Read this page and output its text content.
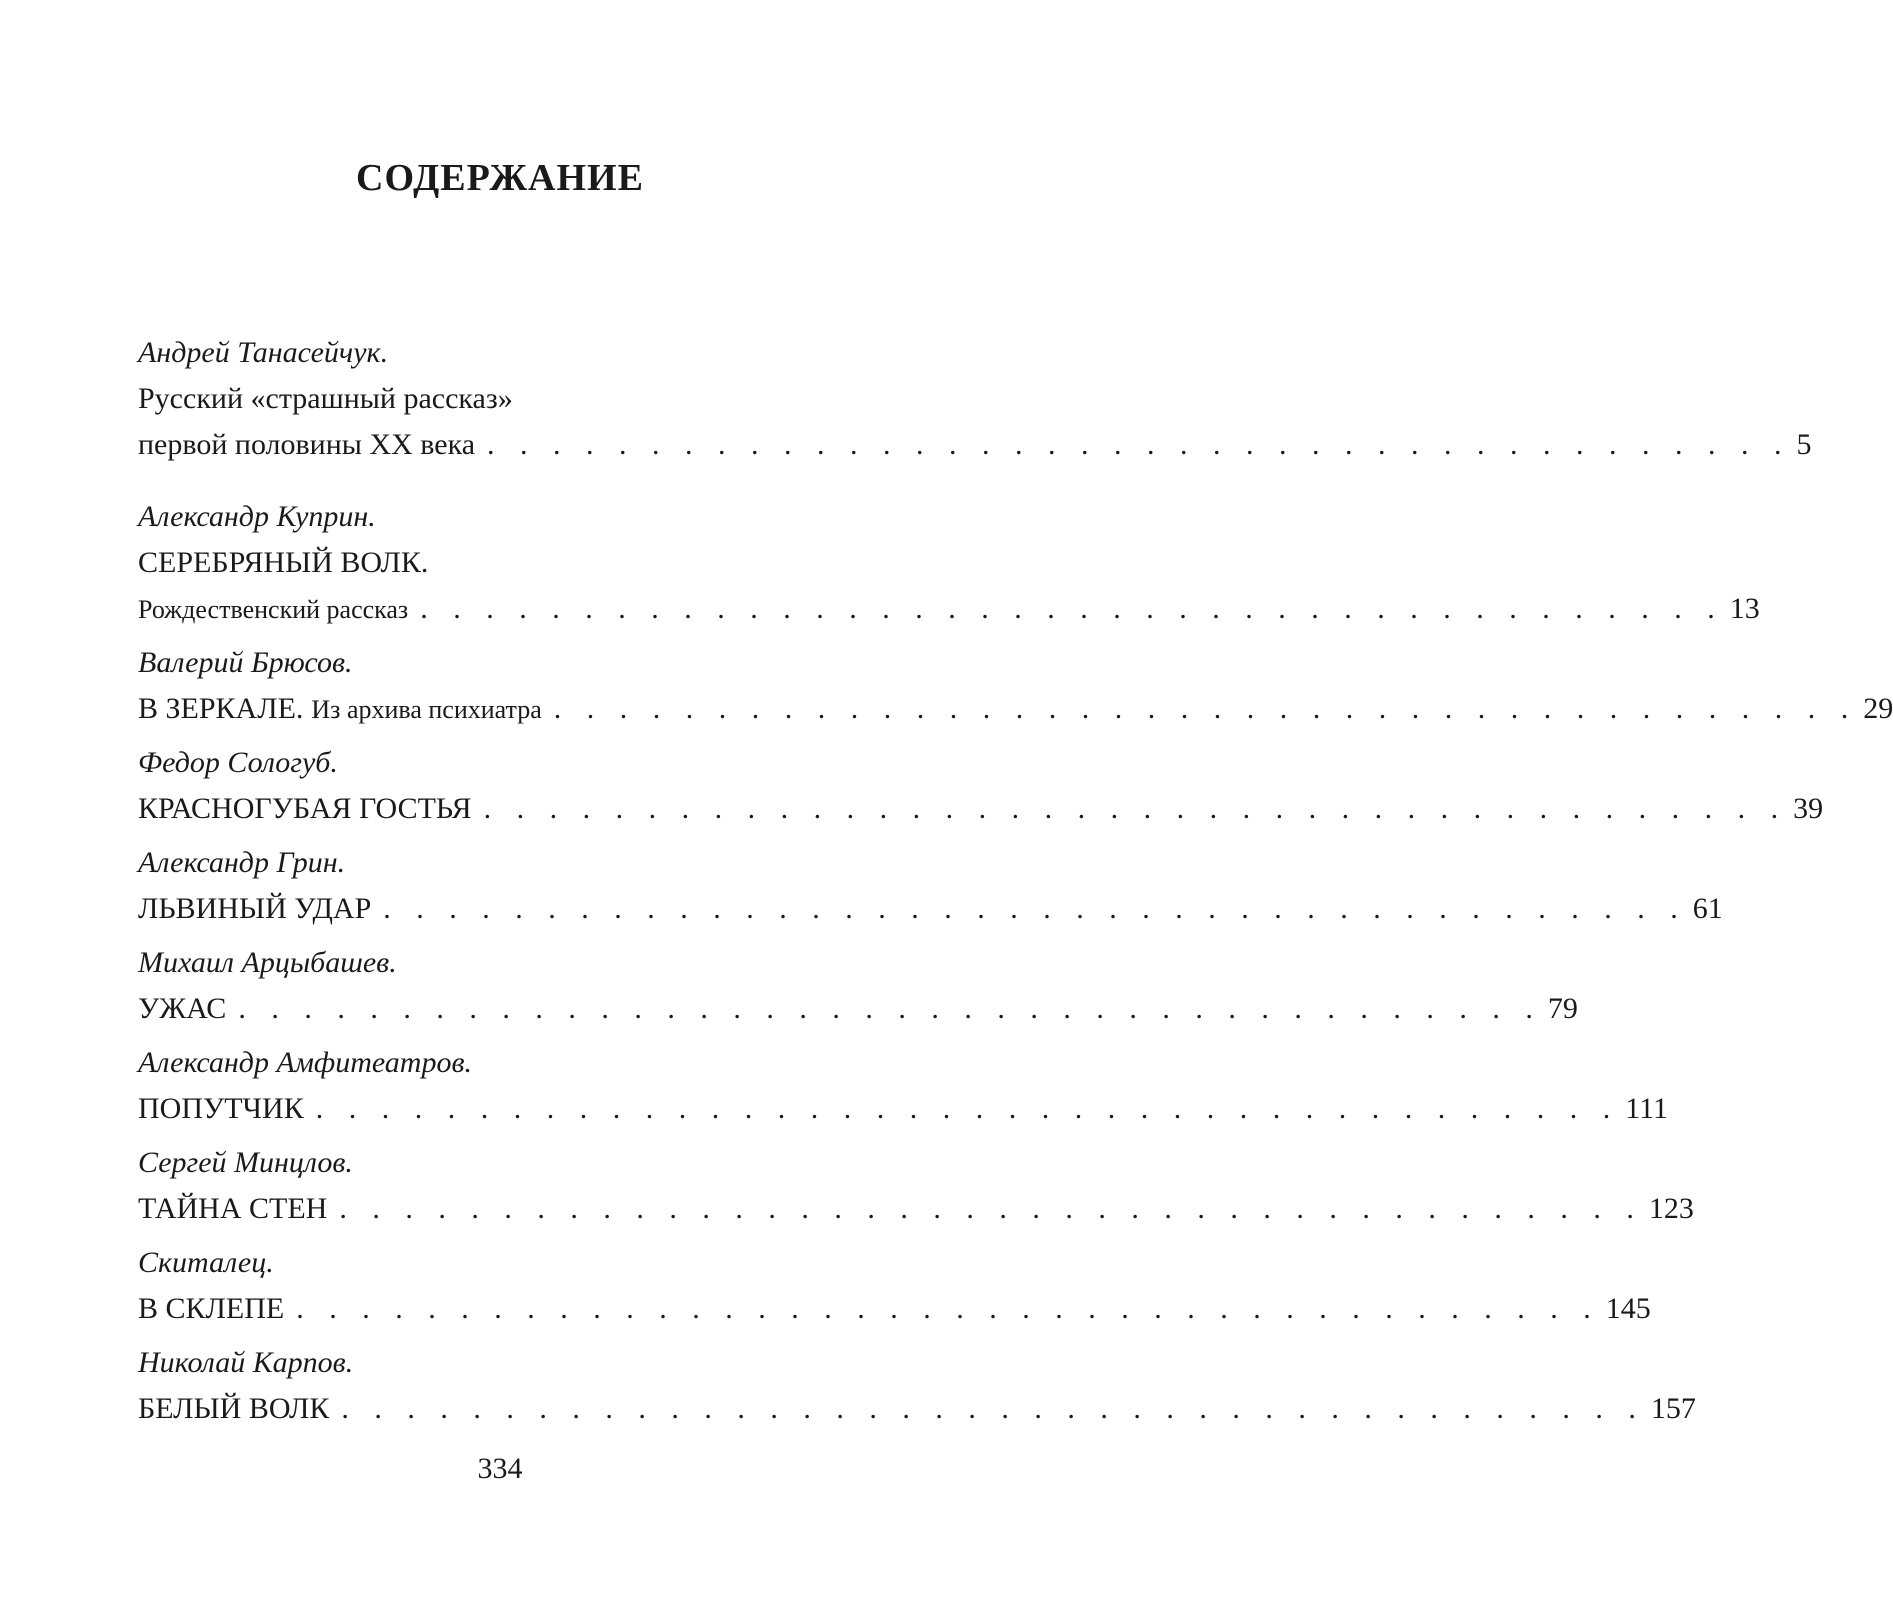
СОДЕРЖАНИЕ
Андрей Танасейчук.
Русский «страшный рассказ»
первой половины XX века . . . . . . . . . . . . . . . . . . . . . . . . . . . . . . . . . . . . . . . . 5
Александр Куприн.
СЕРЕБРЯНЫЙ ВОЛК.
Рождественский рассказ . . . . . . . . . . . . . . . . . . . . . . . . . . . . . . . . . . . . . . . . 13
Валерий Брюсов.
В ЗЕРКАЛЕ. Из архива психиатра . . . . . . . . . . . . . . . . . . . . . . . . . . . . . . . . . . . . . . . . 29
Федор Сологуб.
КРАСНОГУБАЯ ГОСТЬЯ . . . . . . . . . . . . . . . . . . . . . . . . . . . . . . . . . . . . . . . . 39
Александр Грин.
ЛЬВИНЫЙ УДАР . . . . . . . . . . . . . . . . . . . . . . . . . . . . . . . . . . . . . . . . 61
Михаил Арцыбашев.
УЖАС . . . . . . . . . . . . . . . . . . . . . . . . . . . . . . . . . . . . . . . . 79
Александр Амфитеатров.
ПОПУТЧИК . . . . . . . . . . . . . . . . . . . . . . . . . . . . . . . . . . . . . . . . 111
Сергей Минцлов.
ТАЙНА СТЕН . . . . . . . . . . . . . . . . . . . . . . . . . . . . . . . . . . . . . . . . 123
Скиталец.
В СКЛЕПЕ . . . . . . . . . . . . . . . . . . . . . . . . . . . . . . . . . . . . . . . . 145
Николай Карпов.
БЕЛЫЙ ВОЛК . . . . . . . . . . . . . . . . . . . . . . . . . . . . . . . . . . . . . . . . 157
334
